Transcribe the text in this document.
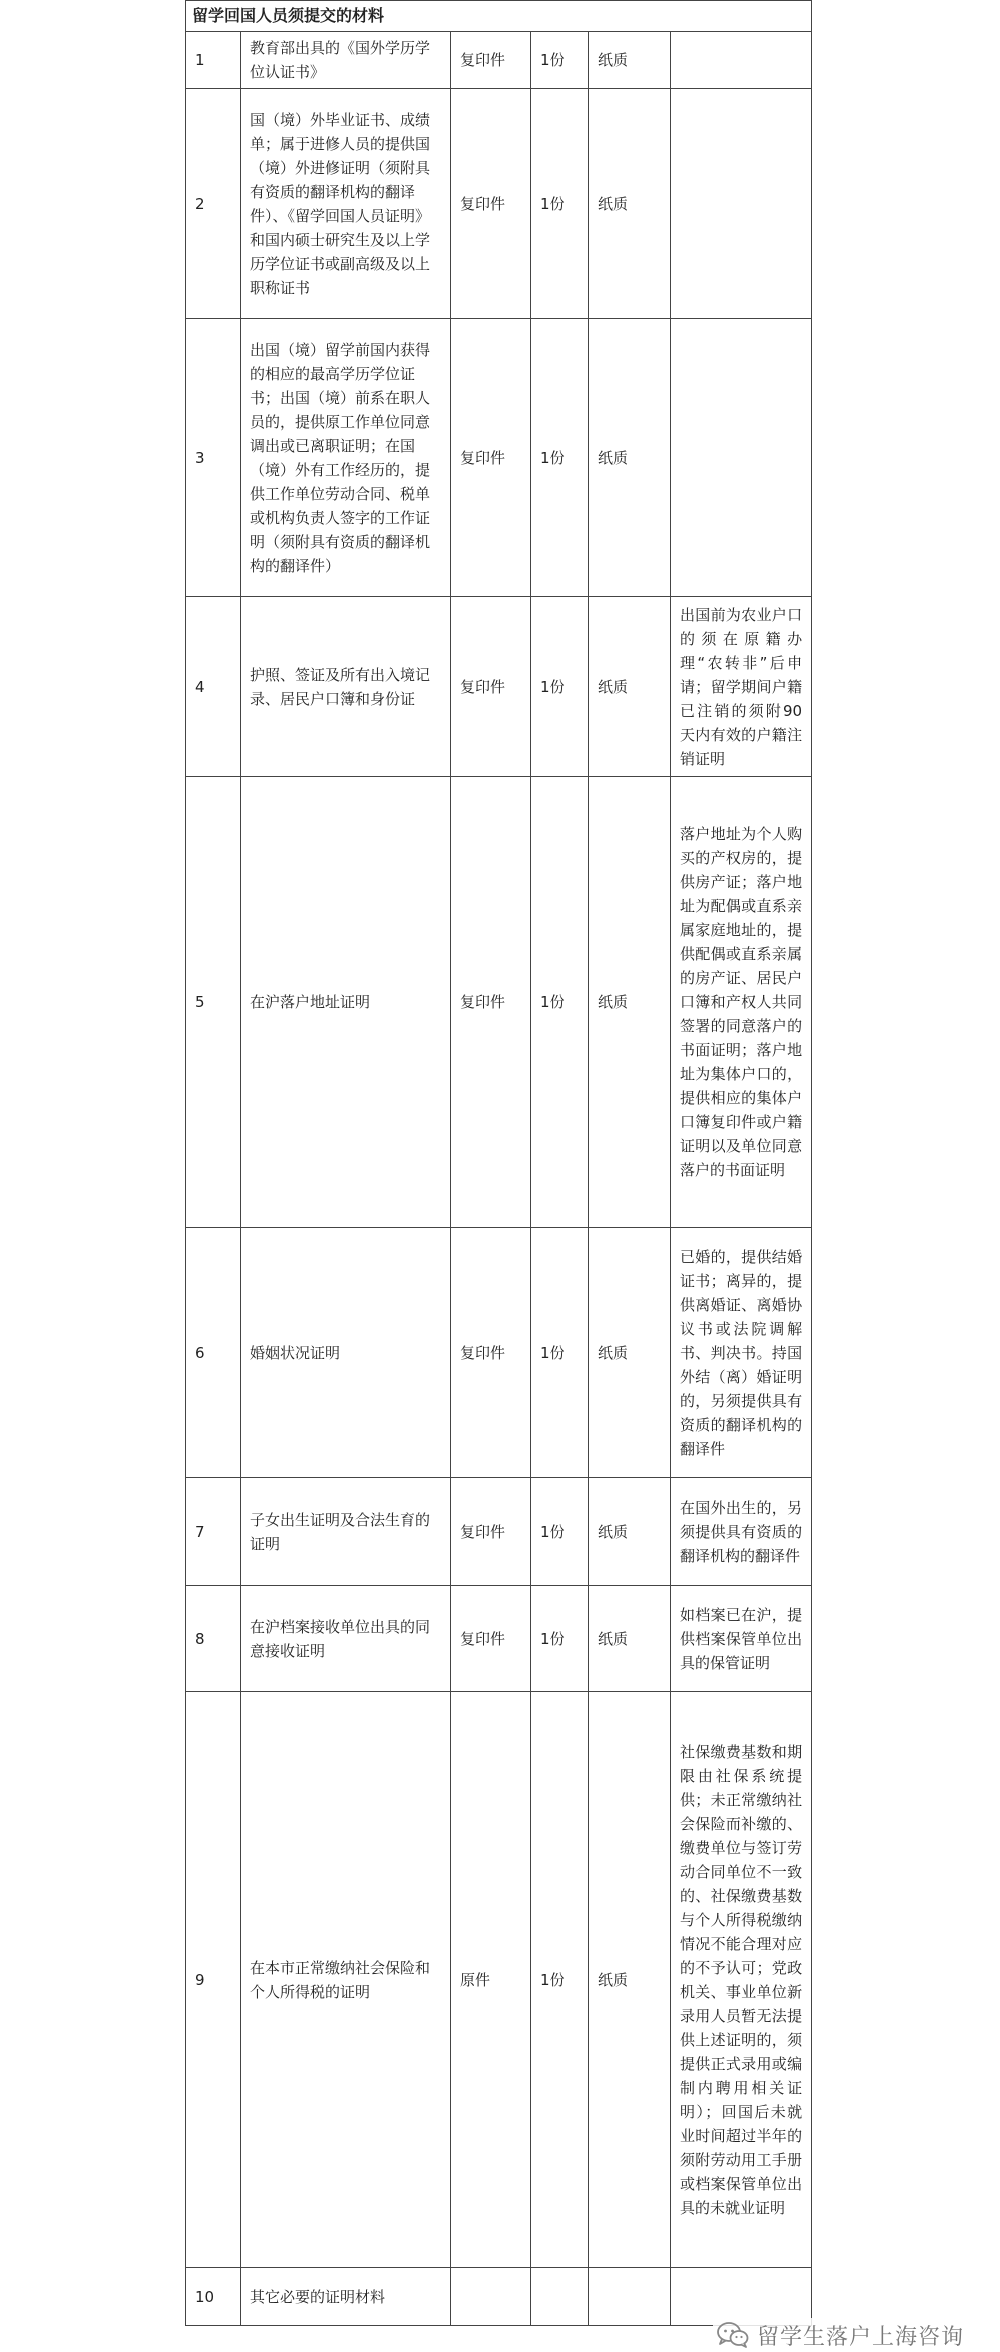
留学回国人员须提交的材料					
1	教育部出具的《国外学历学位认证书》	复印件	1份	纸质	
2	国（境）外毕业证书、成绩单；属于进修人员的提供国（境）外进修证明（须附具有资质的翻译机构的翻译件）、《留学回国人员证明》和国内硕士研究生及以上学历学位证书或副高级及以上职称证书	复印件	1份	纸质	
3	出国（境）留学前国内获得的相应的最高学历学位证书；出国（境）前系在职人员的，提供原工作单位同意调出或已离职证明；在国（境）外有工作经历的，提供工作单位劳动合同、税单或机构负责人签字的工作证明（须附具有资质的翻译机构的翻译件）	复印件	1份	纸质	
4	护照、签证及所有出入境记录、居民户口簿和身份证	复印件	1份	纸质	出国前为农业户口的须在原籍办理“农转非”后申请；留学期间户籍已注销的须附90天内有效的户籍注销证明
5	在沪落户地址证明	复印件	1份	纸质	落户地址为个人购买的产权房的，提供房产证；落户地址为配偶或直系亲属家庭地址的，提供配偶或直系亲属的房产证、居民户口簿和产权人共同签署的同意落户的书面证明；落户地址为集体户口的，提供相应的集体户口簿复印件或户籍证明以及单位同意落户的书面证明
6	婚姻状况证明	复印件	1份	纸质	已婚的，提供结婚证书；离异的，提供离婚证、离婚协议书或法院调解书、判决书。持国外结（离）婚证明的，另须提供具有资质的翻译机构的翻译件
7	子女出生证明及合法生育的证明	复印件	1份	纸质	在国外出生的，另须提供具有资质的翻译机构的翻译件
8	在沪档案接收单位出具的同意接收证明	复印件	1份	纸质	如档案已在沪，提供档案保管单位出具的保管证明
9	在本市正常缴纳社会保险和个人所得税的证明	原件	1份	纸质	社保缴费基数和期限由社保系统提供；未正常缴纳社会保险而补缴的、缴费单位与签订劳动合同单位不一致的、社保缴费基数与个人所得税缴纳情况不能合理对应的不予认可；党政机关、事业单位新录用人员暂无法提供上述证明的，须提供正式录用或编制内聘用相关证明）；回国后未就业时间超过半年的须附劳动用工手册或档案保管单位出具的未就业证明
10	其它必要的证明材料				
留学生落户上海咨询
